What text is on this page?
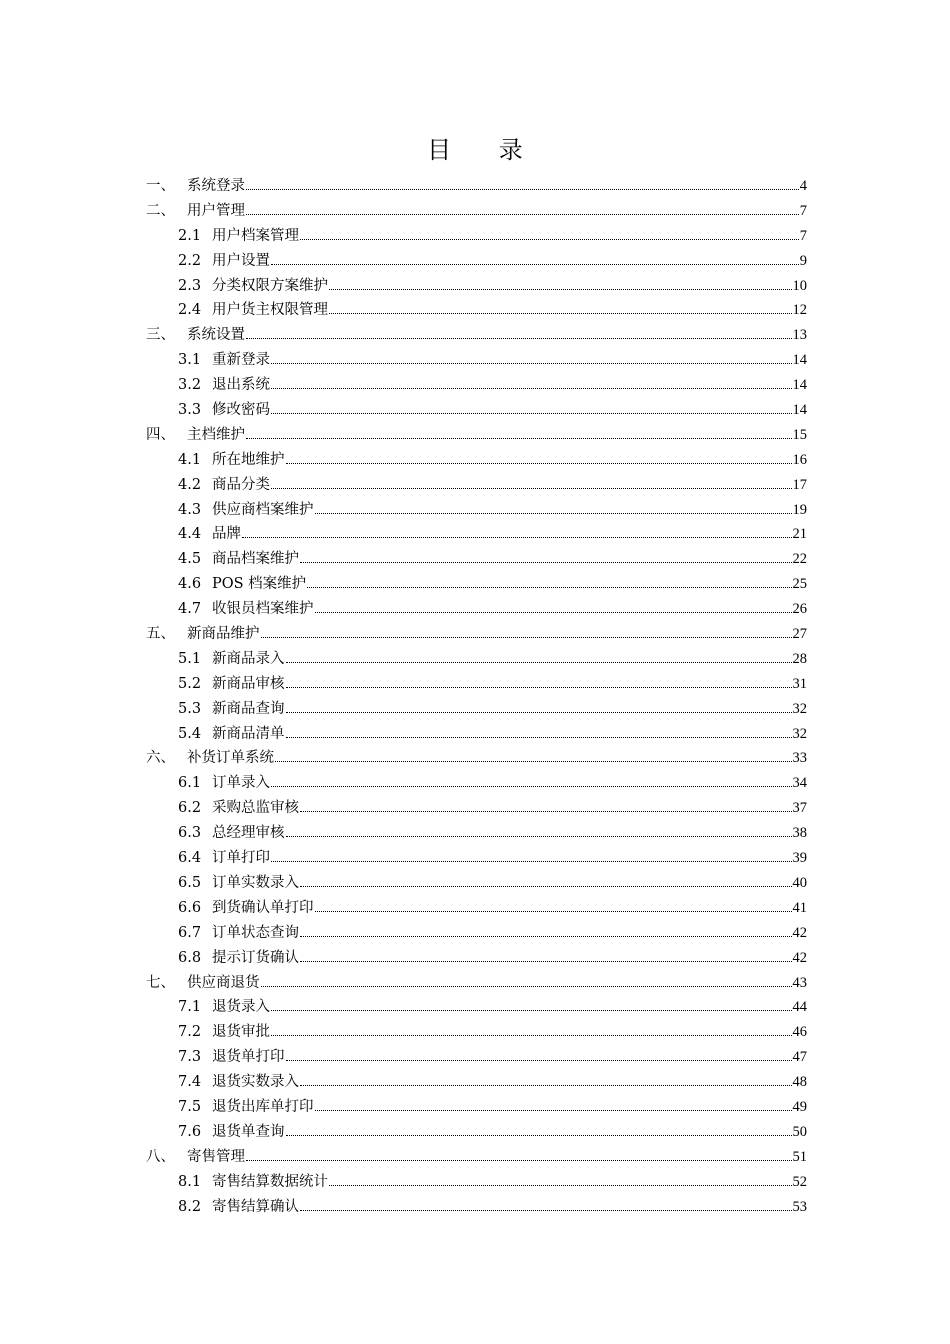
目 录
一、 系统登录	4
二、 用户管理	7
2.1 用户档案管理	7
2.2 用户设置	9
2.3 分类权限方案维护	10
2.4 用户货主权限管理	12
三、 系统设置	13
3.1 重新登录	14
3.2 退出系统	14
3.3 修改密码	14
四、 主档维护	15
4.1 所在地维护	16
4.2 商品分类	17
4.3 供应商档案维护	19
4.4 品牌	21
4.5 商品档案维护	22
4.6 POS 档案维护	25
4.7 收银员档案维护	26
五、 新商品维护	27
5.1 新商品录入	28
5.2 新商品审核	31
5.3 新商品查询	32
5.4 新商品清单	32
六、 补货订单系统	33
6.1 订单录入	34
6.2 采购总监审核	37
6.3 总经理审核	38
6.4 订单打印	39
6.5 订单实数录入	40
6.6 到货确认单打印	41
6.7 订单状态查询	42
6.8 提示订货确认	42
七、 供应商退货	43
7.1 退货录入	44
7.2 退货审批	46
7.3 退货单打印	47
7.4 退货实数录入	48
7.5 退货出库单打印	49
7.6 退货单查询	50
八、 寄售管理	51
8.1 寄售结算数据统计	52
8.2 寄售结算确认	53
